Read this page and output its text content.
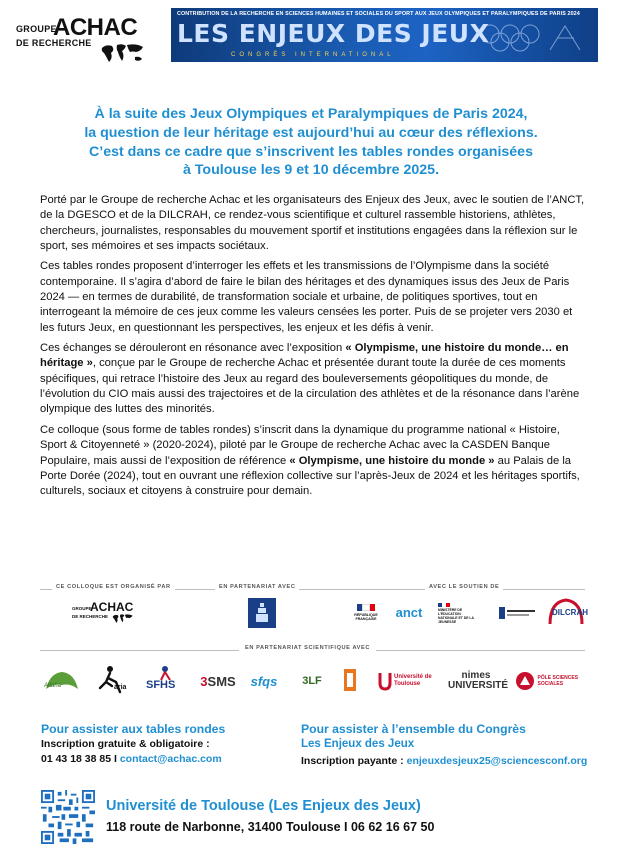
GROUPE
ACHAC
DE RECHERCHE
CONTRIBUTION DE LA RECHERCHE EN SCIENCES HUMAINES ET SOCIALES DU SPORT AUX JEUX OLYMPIQUES ET PARALYMPIQUES DE PARIS 2024
LES ENJEUX DES JEUX
CONGRÈS INTERNATIONAL
À la suite des Jeux Olympiques et Paralympiques de Paris 2024,
la question de leur héritage est aujourd’hui au cœur des réflexions.
C’est dans ce cadre que s’inscrivent les tables rondes organisées
à Toulouse les 9 et 10 décembre 2025.

Porté par le Groupe de recherche Achac et les organisateurs des Enjeux des Jeux, avec le soutien de l’ANCT, de la DGESCO et de la DILCRAH, ce rendez-vous scientifique et culturel rassemble historiens, athlètes, chercheurs, journalistes, responsables du mouvement sportif et institutions engagées dans la réflexion sur le sport, ses mémoires et ses impacts sociétaux.

Ces tables rondes proposent d’interroger les effets et les transmissions de l’Olympisme dans la société contemporaine. Il s’agira d’abord de faire le bilan des héritages et des dynamiques issus des Jeux de Paris 2024 — en termes de durabilité, de transformation sociale et urbaine, de politiques sportives, tout en interrogeant la mémoire de ces jeux comme les valeurs censées les porter. Puis de se projeter vers 2030 et les futurs Jeux, en questionnant les perspectives, les enjeux et les défis à venir.

Ces échanges se dérouleront en résonance avec l’exposition « Olympisme, une histoire du monde… en héritage », conçue par le Groupe de recherche Achac et présentée durant toute la durée de ces moments spécifiques, qui retrace l’histoire des Jeux au regard des bouleversements géopolitiques du monde, de l’évolution du CIO mais aussi des trajectoires et de la circulation des athlètes et de la résonance dans l’arène olympique des luttes des minorités.

Ce colloque (sous forme de tables rondes) s’inscrit dans la dynamique du programme national « Histoire, Sport & Citoyenneté » (2020-2024), piloté par le Groupe de recherche Achac avec la CASDEN Banque Populaire, mais aussi de l’exposition de référence « Olympisme, une histoire du monde » au Palais de la Porte Dorée (2024), tout en ouvrant une réflexion collective sur l’après-Jeux de 2024 et les héritages sportifs, culturels, sociaux et citoyens à construire pour demain.

CE COLLOQUE EST ORGANISÉ PAR	EN PARTENARIAT AVEC	AVEC LE SOUTIEN DE
GROUPE
ACHAC
DE RECHERCHE	RÉPUBLIQUE FRANÇAISE anct	MINISTÈRE DE L’ÉDUCATION NATIONALE ET DE LA JEUNESSE
DILCRAH
EN PARTENARIAT SCIENTIFIQUE AVEC
Aitaha	aria SFHS 3SMS sfqs 3LF	Université de Toulouse
nimes UNIVERSITÉ
PÔLE SCIENCES SOCIALES
Pour assister aux tables rondes
Inscription gratuite & obligatoire :
01 43 18 38 85 I contact@achac.com
Pour assister à l’ensemble du Congrès
Les Enjeux des Jeux
Inscription payante : enjeuxdesjeux25@sciencesconf.org
Université de Toulouse (Les Enjeux des Jeux)
118 route de Narbonne, 31400 Toulouse I 06 62 16 67 50
